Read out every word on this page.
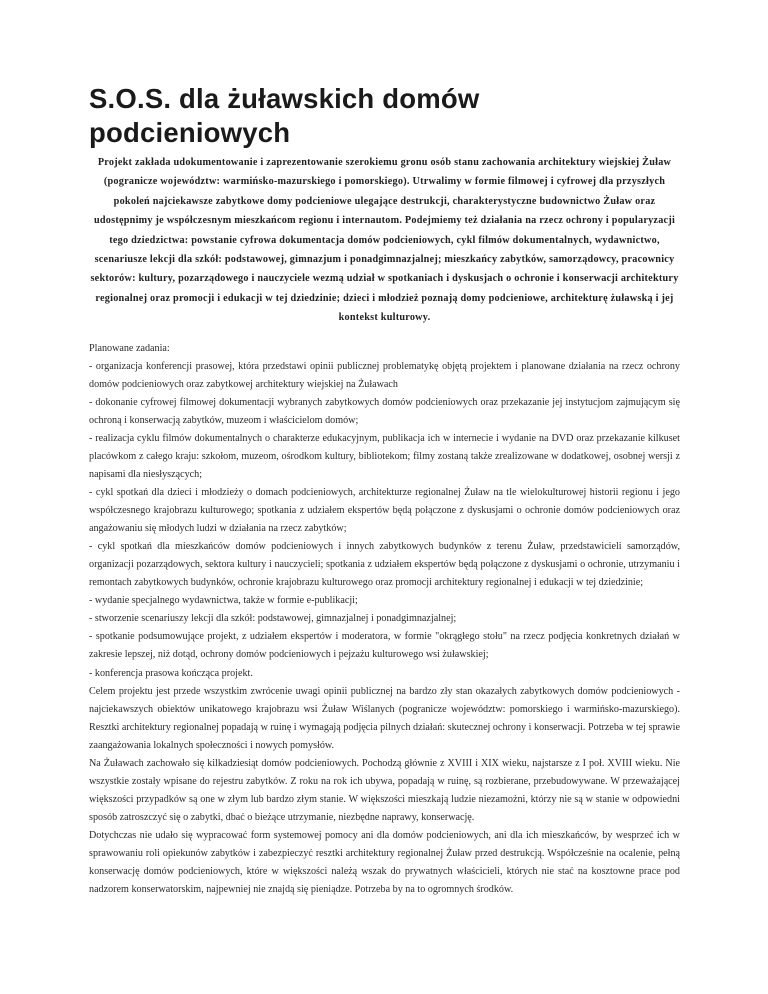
S.O.S. dla żuławskich domów podcieniowych

Projekt zakłada udokumentowanie i zaprezentowanie szerokiemu gronu osób stanu zachowania architektury wiejskiej Żuław (pogranicze województw: warmińsko-mazurskiego i pomorskiego). Utrwalimy w formie filmowej i cyfrowej dla przyszłych pokoleń najciekawsze zabytkowe domy podcieniowe ulegające destrukcji, charakterystyczne budownictwo Żuław oraz udostępnimy je współczesnym mieszkańcom regionu i internautom. Podejmiemy też działania na rzecz ochrony i popularyzacji tego dziedzictwa: powstanie cyfrowa dokumentacja domów podcieniowych, cykl filmów dokumentalnych, wydawnictwo, scenariusze lekcji dla szkół: podstawowej, gimnazjum i ponadgimnazjalnej; mieszkańcy zabytków, samorządowcy, pracownicy sektorów: kultury, pozarządowego i nauczyciele wezmą udział w spotkaniach i dyskusjach o ochronie i konserwacji architektury regionalnej oraz promocji i edukacji w tej dziedzinie; dzieci i młodzież poznają domy podcieniowe, architekturę żuławską i jej kontekst kulturowy.

Planowane zadania:

- organizacja konferencji prasowej, która przedstawi opinii publicznej problematykę objętą projektem i planowane działania na rzecz ochrony domów podcieniowych oraz zabytkowej architektury wiejskiej na Żuławach

- dokonanie cyfrowej filmowej dokumentacji wybranych zabytkowych domów podcieniowych oraz przekazanie jej instytucjom zajmującym się ochroną i konserwacją zabytków, muzeom i właścicielom domów;

- realizacja cyklu filmów dokumentalnych o charakterze edukacyjnym, publikacja ich w internecie i wydanie na DVD oraz przekazanie kilkuset placówkom z całego kraju: szkołom, muzeom, ośrodkom kultury, bibliotekom; filmy zostaną także zrealizowane w dodatkowej, osobnej wersji z napisami dla niesłyszących;

- cykl spotkań dla dzieci i młodzieży o domach podcieniowych, architekturze regionalnej Żuław na tle wielokulturowej historii regionu i jego współczesnego krajobrazu kulturowego; spotkania z udziałem ekspertów będą połączone z dyskusjami o ochronie domów podcieniowych oraz angażowaniu się młodych ludzi w działania na rzecz zabytków;

- cykl spotkań dla mieszkańców domów podcieniowych i innych zabytkowych budynków z terenu Żuław, przedstawicieli samorządów, organizacji pozarządowych, sektora kultury i nauczycieli; spotkania z udziałem ekspertów będą połączone z dyskusjami o ochronie, utrzymaniu i remontach zabytkowych budynków, ochronie krajobrazu kulturowego oraz promocji architektury regionalnej i edukacji w tej dziedzinie;

- wydanie specjalnego wydawnictwa, także w formie e-publikacji;

- stworzenie scenariuszy lekcji dla szkół: podstawowej, gimnazjalnej i ponadgimnazjalnej;

- spotkanie podsumowujące projekt, z udziałem ekspertów i moderatora, w formie "okrągłego stołu" na rzecz podjęcia konkretnych działań w zakresie lepszej, niż dotąd, ochrony domów podcieniowych i pejzażu kulturowego wsi żuławskiej;

- konferencja prasowa kończąca projekt.

Celem projektu jest przede wszystkim zwrócenie uwagi opinii publicznej na bardzo zły stan okazałych zabytkowych domów podcieniowych - najciekawszych obiektów unikatowego krajobrazu wsi Żuław Wiślanych (pogranicze województw: pomorskiego i warmińsko-mazurskiego). Resztki architektury regionalnej popadają w ruinę i wymagają podjęcia pilnych działań: skutecznej ochrony i konserwacji. Potrzeba w tej sprawie zaangażowania lokalnych społeczności i nowych pomysłów.

Na Żuławach zachowało się kilkadziesiąt domów podcieniowych. Pochodzą głównie z XVIII i XIX wieku, najstarsze z I poł. XVIII wieku. Nie wszystkie zostały wpisane do rejestru zabytków. Z roku na rok ich ubywa, popadają w ruinę, są rozbierane, przebudowywane. W przeważającej większości przypadków są one w złym lub bardzo złym stanie. W większości mieszkają ludzie niezamożni, którzy nie są w stanie w odpowiedni sposób zatroszczyć się o zabytki, dbać o bieżące utrzymanie, niezbędne naprawy, konserwację.

Dotychczas nie udało się wypracować form systemowej pomocy ani dla domów podcieniowych, ani dla ich mieszkańców, by wesprzeć ich w sprawowaniu roli opiekunów zabytków i zabezpieczyć resztki architektury regionalnej Żuław przed destrukcją. Współcześnie na ocalenie, pełną konserwację domów podcieniowych, które w większości należą wszak do prywatnych właścicieli, których nie stać na kosztowne prace pod nadzorem konserwatorskim, najpewniej nie znajdą się pieniądze. Potrzeba by na to ogromnych środków.
